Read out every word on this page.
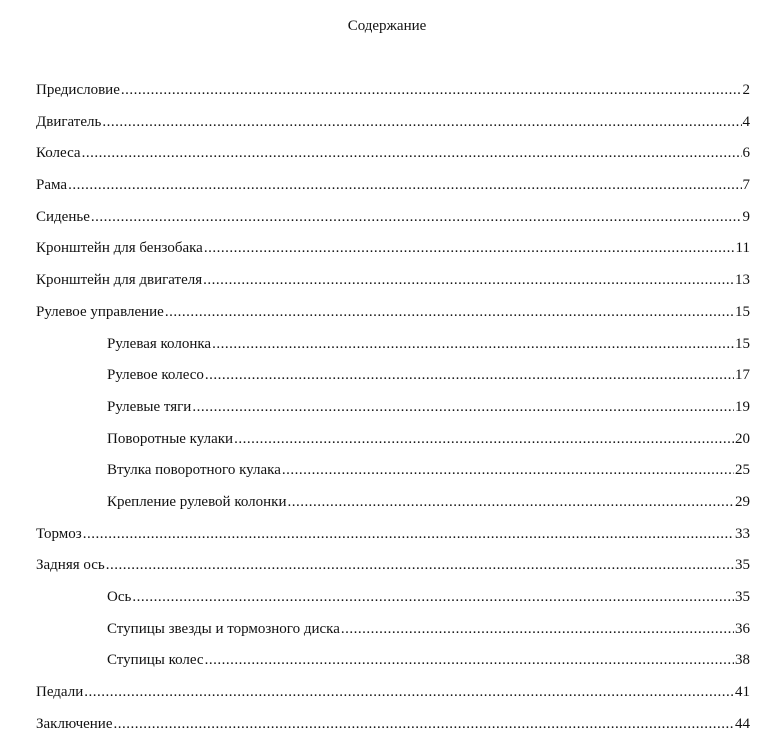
Содержание
Предисловие .....	2
Двигатель .....	4
Колеса .....	6
Рама .....	7
Сиденье .....	9
Кронштейн для бензобака .....	11
Кронштейн для двигателя .....	13
Рулевое управление .....	15
Рулевая колонка .....	15
Рулевое колесо .....	17
Рулевые тяги .....	19
Поворотные кулаки .....	20
Втулка поворотного кулака .....	25
Крепление рулевой колонки .....	29
Тормоз .....	33
Задняя ось .....	35
Ось .....	35
Ступицы звезды и тормозного диска .....	36
Ступицы колес .....	38
Педали .....	41
Заключение .....	44
